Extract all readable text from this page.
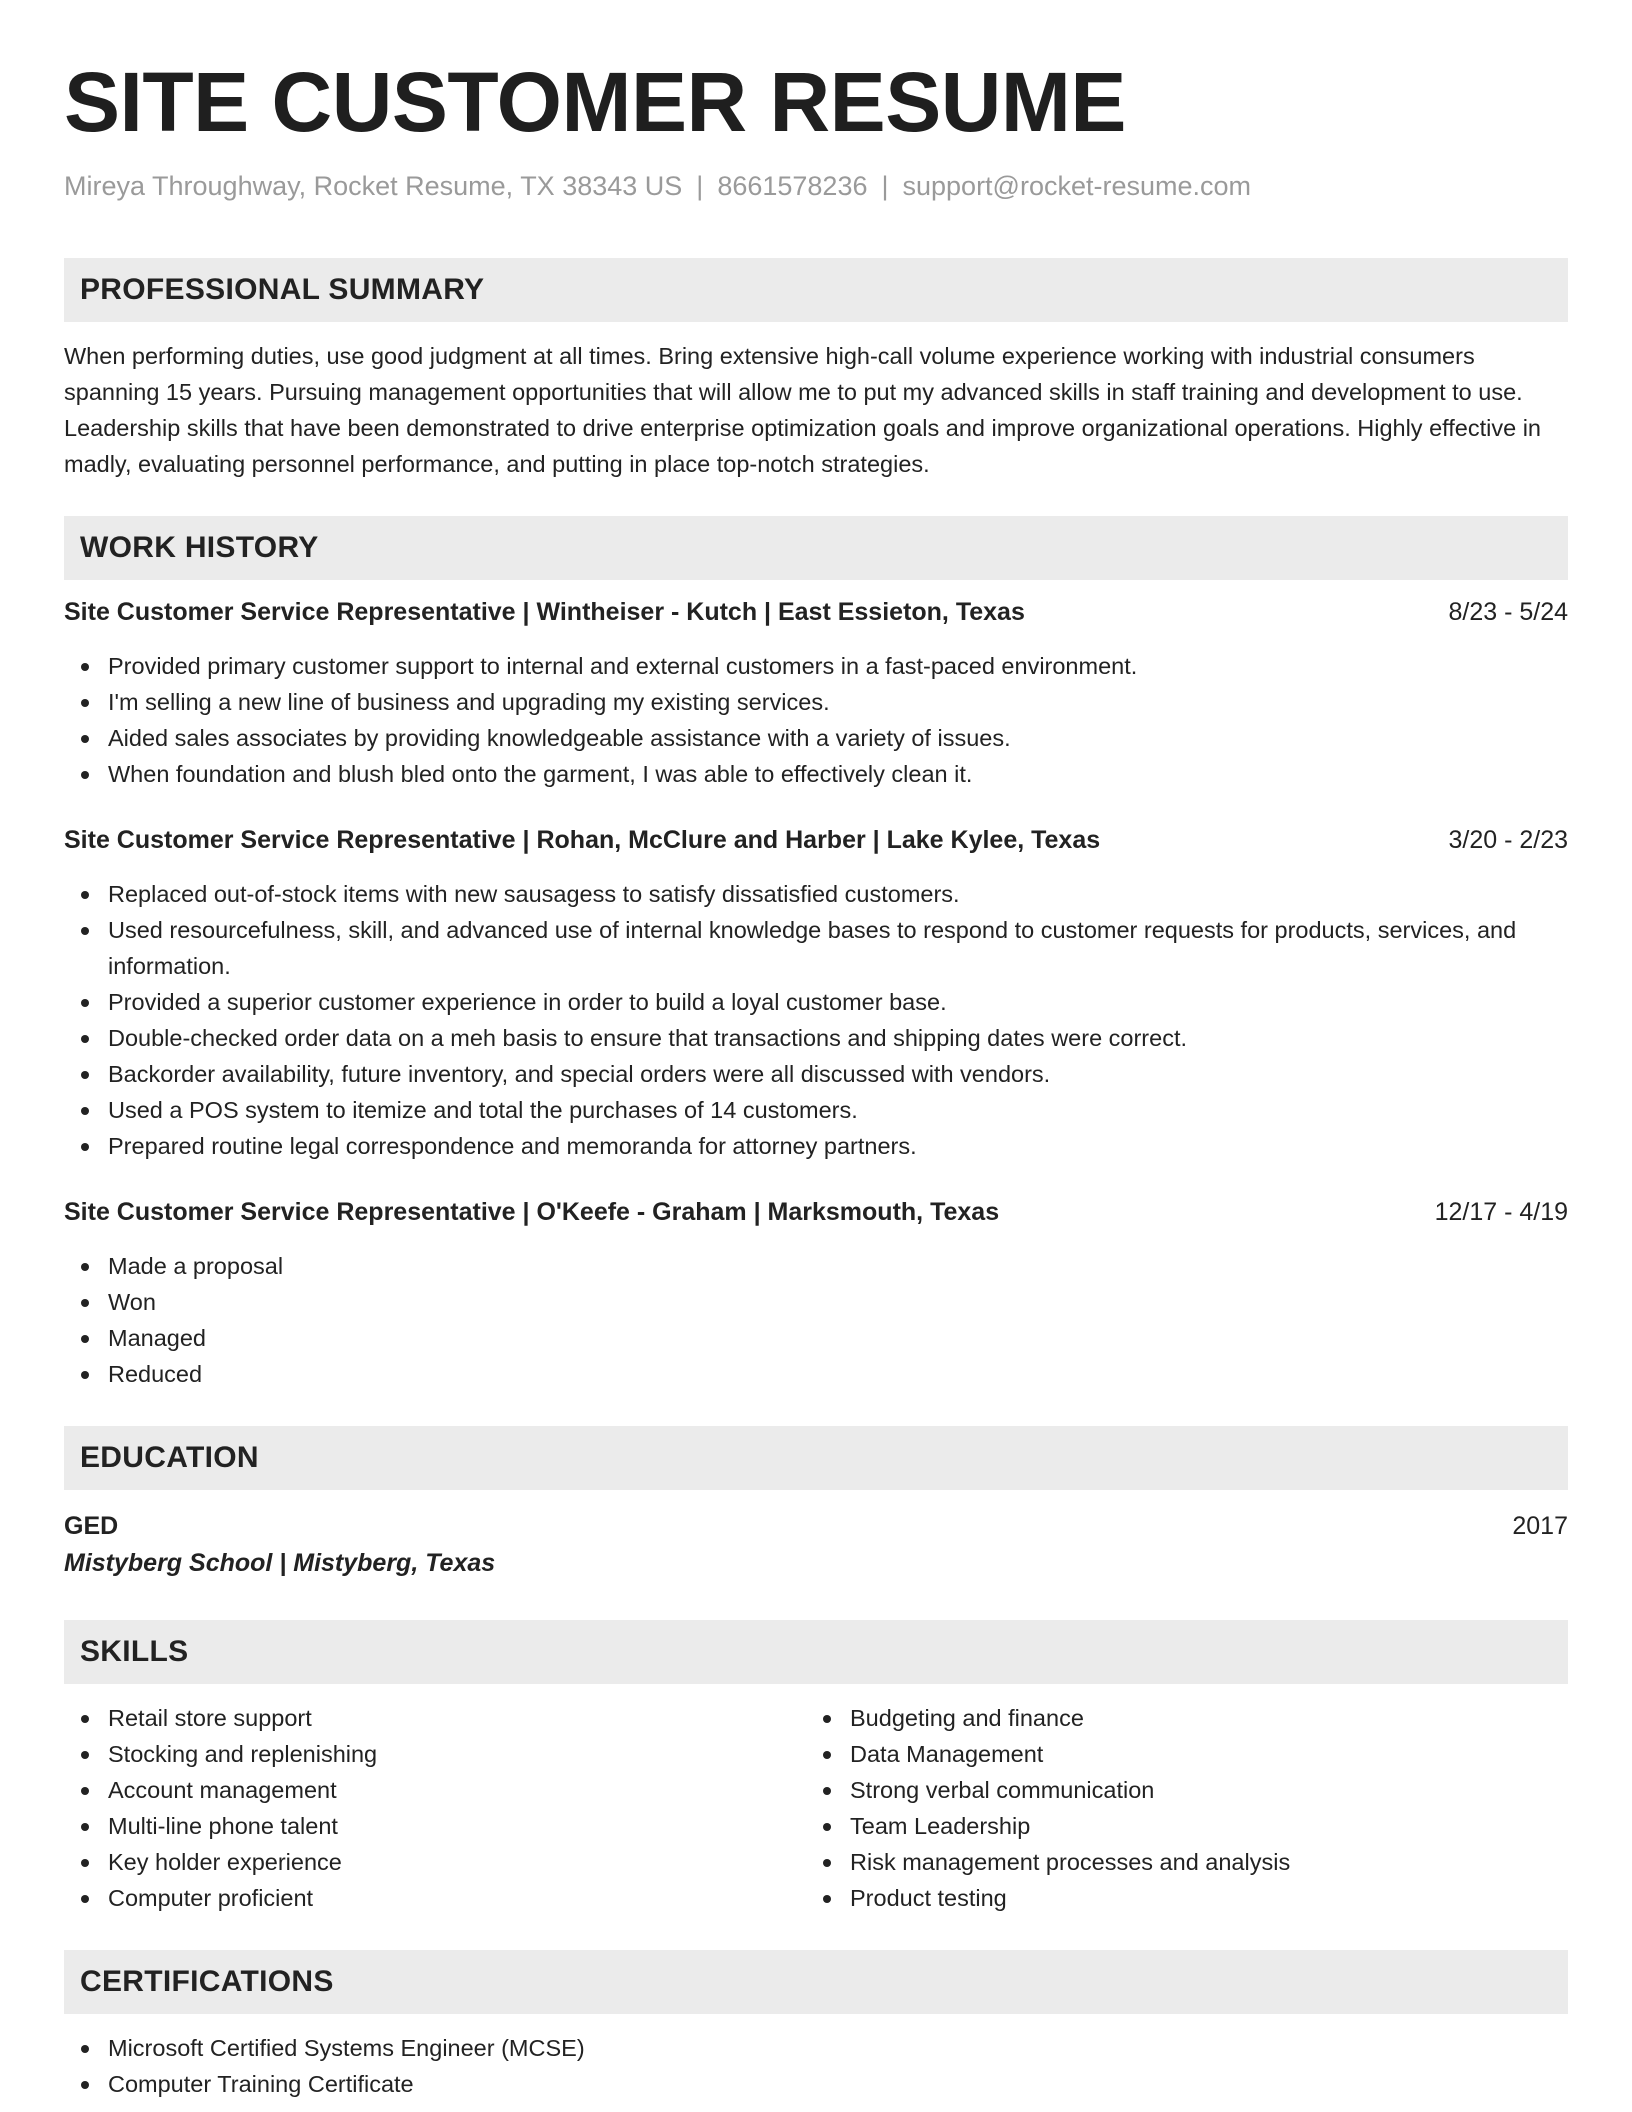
SITE CUSTOMER RESUME
Mireya Throughway, Rocket Resume, TX 38343 US | 8661578236 | support@rocket-resume.com
PROFESSIONAL SUMMARY

When performing duties, use good judgment at all times. Bring extensive high-call volume experience working with industrial consumers spanning 15 years. Pursuing management opportunities that will allow me to put my advanced skills in staff training and development to use. Leadership skills that have been demonstrated to drive enterprise optimization goals and improve organizational operations. Highly effective in madly, evaluating personnel performance, and putting in place top-notch strategies.

WORK HISTORY
Site Customer Service Representative | Wintheiser - Kutch | East Essieton, Texas	8/23 - 5/24
Provided primary customer support to internal and external customers in a fast-paced environment.
I'm selling a new line of business and upgrading my existing services.
Aided sales associates by providing knowledgeable assistance with a variety of issues.
When foundation and blush bled onto the garment, I was able to effectively clean it.
Site Customer Service Representative | Rohan, McClure and Harber | Lake Kylee, Texas	3/20 - 2/23
Replaced out-of-stock items with new sausagess to satisfy dissatisfied customers.
Used resourcefulness, skill, and advanced use of internal knowledge bases to respond to customer requests for products, services, and information.
Provided a superior customer experience in order to build a loyal customer base.
Double-checked order data on a meh basis to ensure that transactions and shipping dates were correct.
Backorder availability, future inventory, and special orders were all discussed with vendors.
Used a POS system to itemize and total the purchases of 14 customers.
Prepared routine legal correspondence and memoranda for attorney partners.
Site Customer Service Representative | O'Keefe - Graham | Marksmouth, Texas	12/17 - 4/19
Made a proposal
Won
Managed
Reduced
EDUCATION
GED	2017
Mistyberg School | Mistyberg, Texas
SKILLS
Retail store support
Stocking and replenishing
Account management
Multi-line phone talent
Key holder experience
Computer proficient
Budgeting and finance
Data Management
Strong verbal communication
Team Leadership
Risk management processes and analysis
Product testing
CERTIFICATIONS
Microsoft Certified Systems Engineer (MCSE)
Computer Training Certificate
